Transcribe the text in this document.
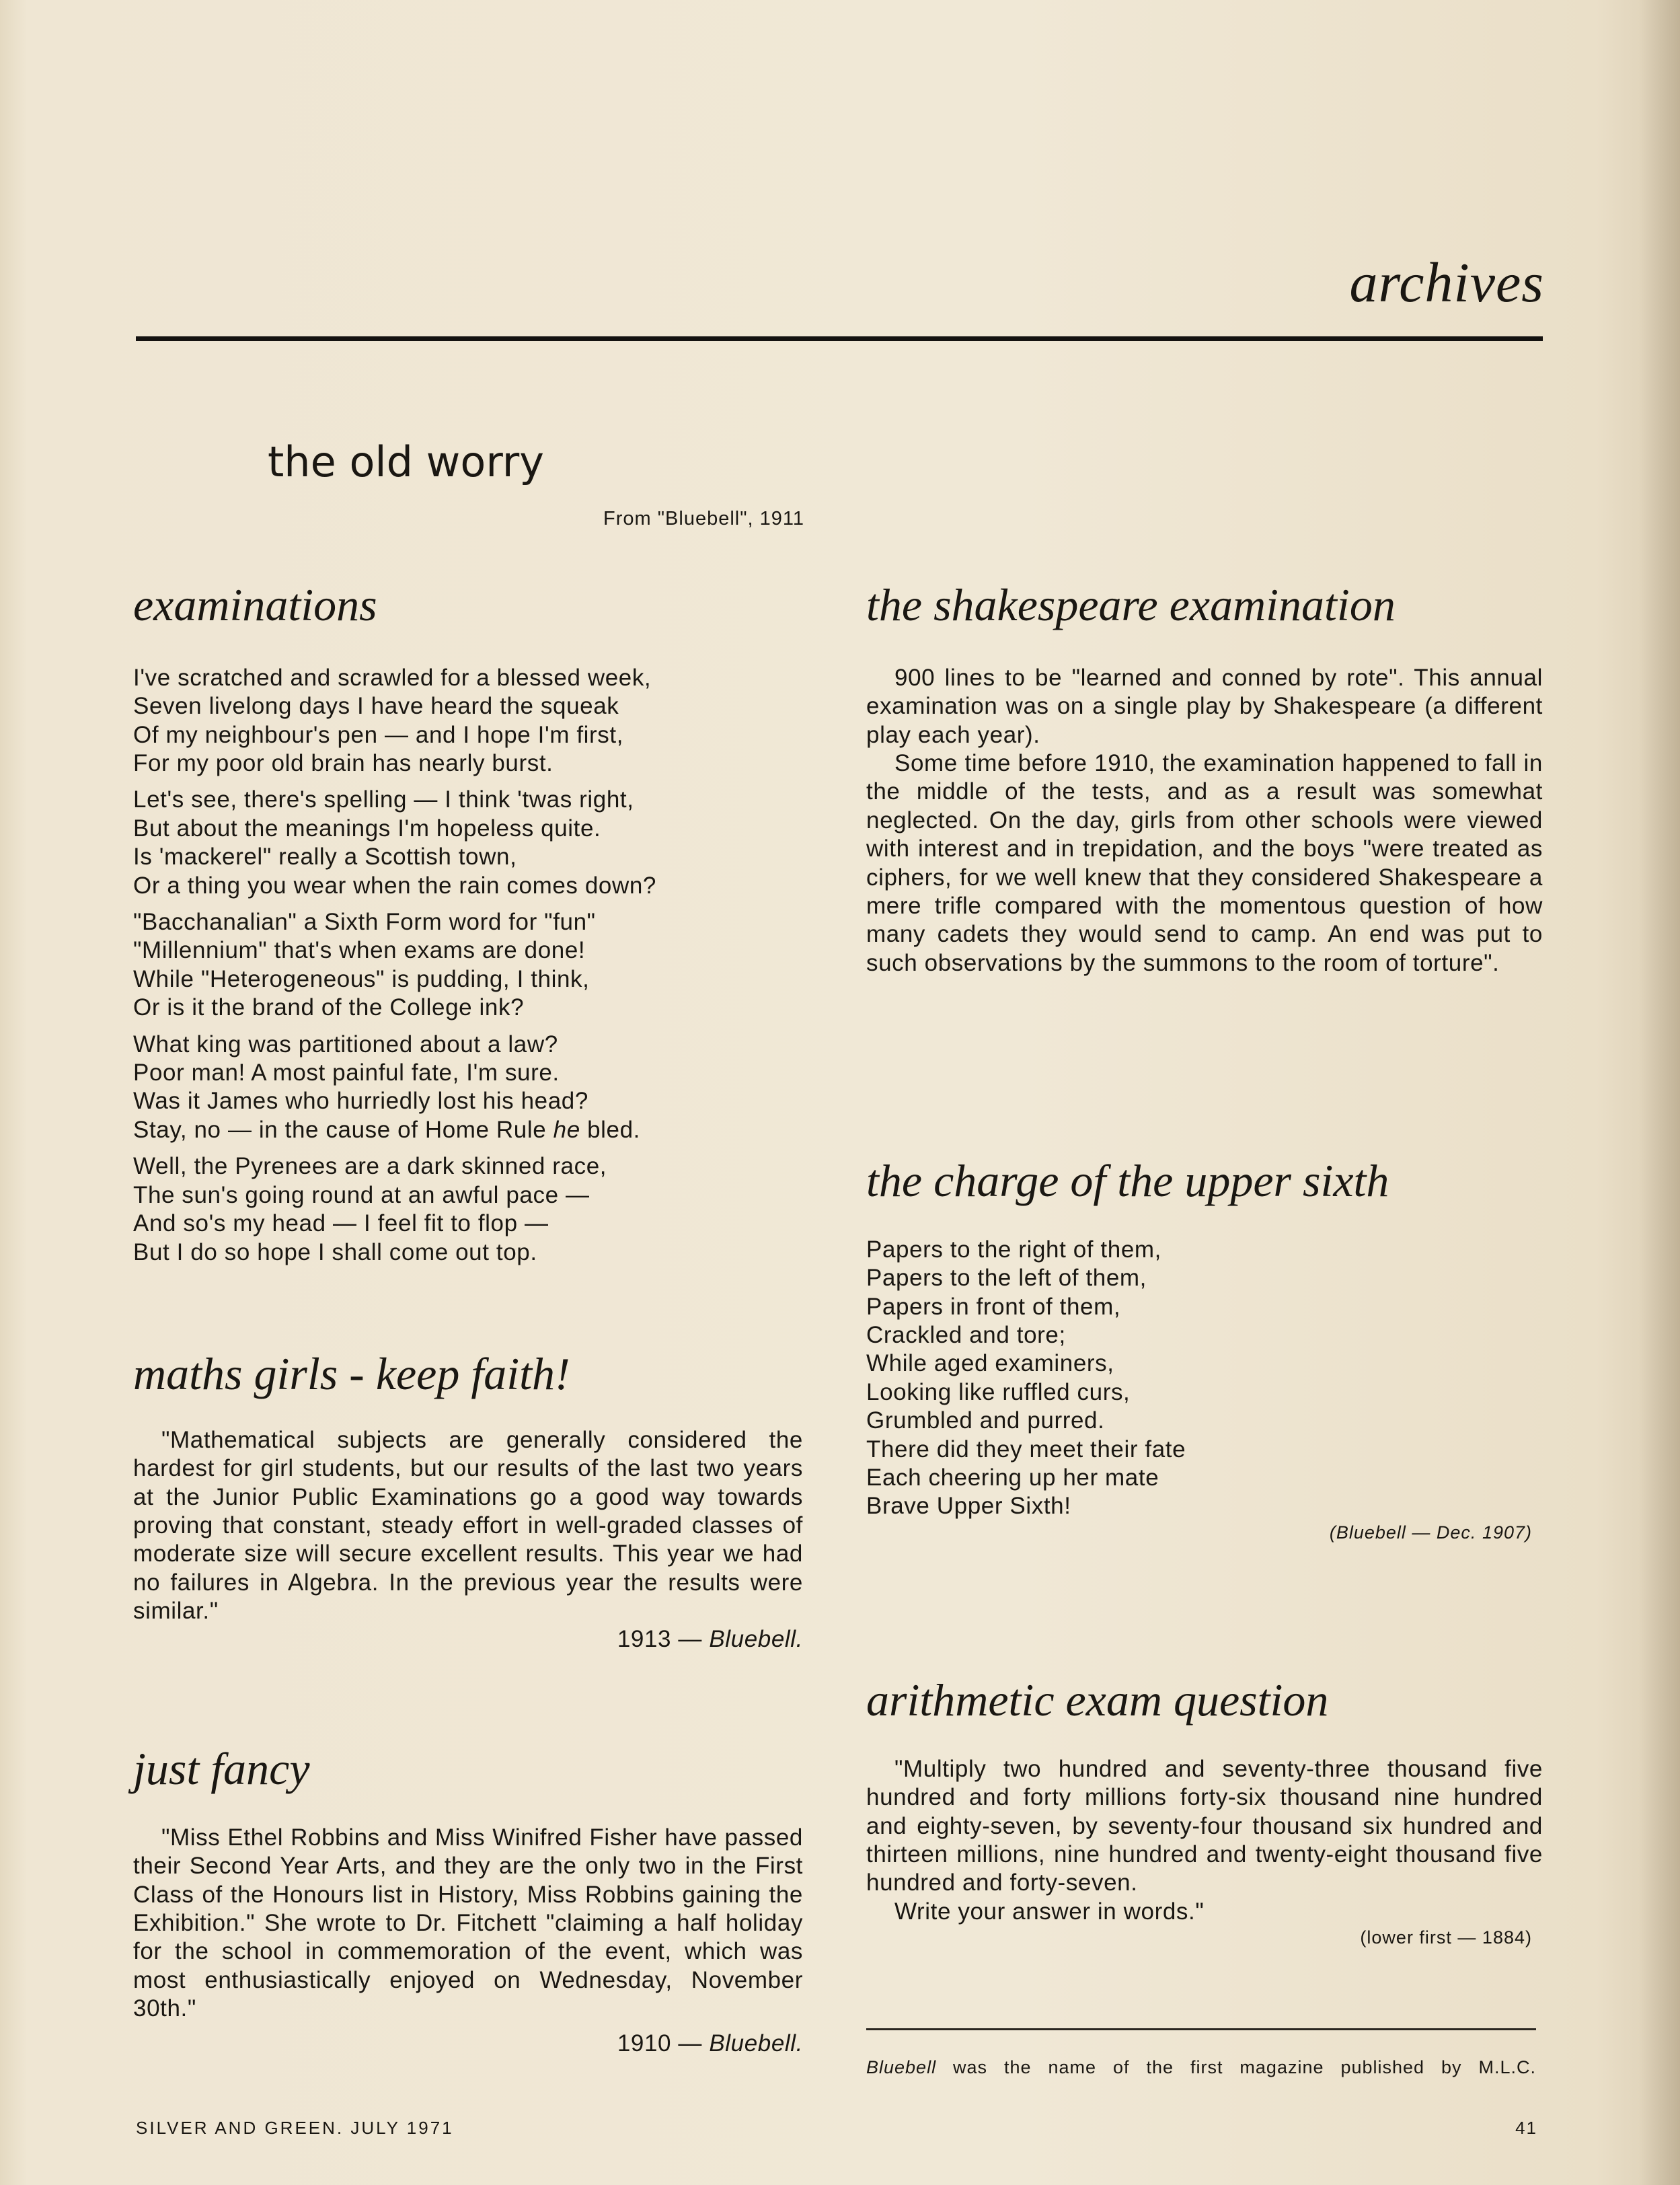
archives
the old worry
From "Bluebell", 1911
examinations

I've scratched and scrawled for a blessed week,
Seven livelong days I have heard the squeak
Of my neighbour's pen — and I hope I'm first,
For my poor old brain has nearly burst.

Let's see, there's spelling — I think 'twas right,
But about the meanings I'm hopeless quite.
Is 'mackerel" really a Scottish town,
Or a thing you wear when the rain comes down?

"Bacchanalian" a Sixth Form word for "fun"
"Millennium" that's when exams are done!
While "Heterogeneous" is pudding, I think,
Or is it the brand of the College ink?

What king was partitioned about a law?
Poor man! A most painful fate, I'm sure.
Was it James who hurriedly lost his head?
Stay, no — in the cause of Home Rule he bled.

Well, the Pyrenees are a dark skinned race,
The sun's going round at an awful pace —
And so's my head — I feel fit to flop —
But I do so hope I shall come out top.

maths girls - keep faith!

"Mathematical subjects are generally considered the hardest for girl students, but our results of the last two years at the Junior Public Examinations go a good way towards proving that constant, steady effort in well-graded classes of moderate size will secure excellent results. This year we had no failures in Algebra. In the previous year the results were similar."

1913 — Bluebell.
just fancy

"Miss Ethel Robbins and Miss Winifred Fisher have passed their Second Year Arts, and they are the only two in the First Class of the Honours list in History, Miss Robbins gaining the Exhibition." She wrote to Dr. Fitchett "claiming a half holiday for the school in commemoration of the event, which was most enthusiastically enjoyed on Wednesday, November 30th."

1910 — Bluebell.
the shakespeare examination

900 lines to be "learned and conned by rote". This annual examination was on a single play by Shakespeare (a different play each year).

Some time before 1910, the examination happened to fall in the middle of the tests, and as a result was somewhat neglected. On the day, girls from other schools were viewed with interest and in trepidation, and the boys "were treated as ciphers, for we well knew that they considered Shakespeare a mere trifle compared with the momentous question of how many cadets they would send to camp. An end was put to such observations by the summons to the room of torture".

the charge of the upper sixth

Papers to the right of them,
Papers to the left of them,
Papers in front of them,
Crackled and tore;
While aged examiners,
Looking like ruffled curs,
Grumbled and purred.
There did they meet their fate
Each cheering up her mate
Brave Upper Sixth!

(Bluebell — Dec. 1907)
arithmetic exam question

"Multiply two hundred and seventy-three thousand five hundred and forty millions forty-six thousand nine hundred and eighty-seven, by seventy-four thousand six hundred and thirteen millions, nine hundred and twenty-eight thousand five hundred and forty-seven.

Write your answer in words."

(lower first — 1884)
Bluebell was the name of the first magazine published by M.L.C.
SILVER AND GREEN. JULY 1971	41
